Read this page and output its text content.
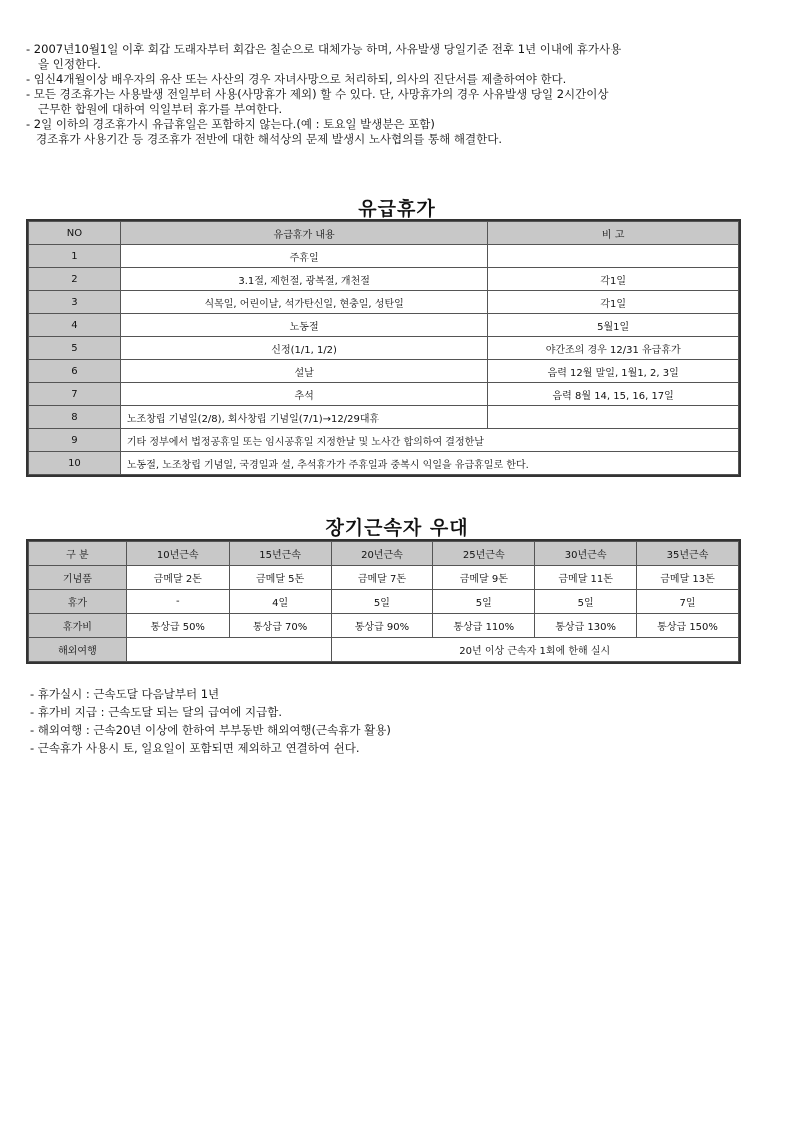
- 2007년10월1일 이후 회갑 도래자부터 회갑은 칠순으로 대체가능 하며, 사유발생 당일기준 전후 1년 이내에 휴가사용
을 인정한다.
- 임신4개월이상 배우자의 유산 또는 사산의 경우 자녀사망으로 처리하되, 의사의 진단서를 제출하여야 한다.
- 모든 경조휴가는 사용발생 전일부터 사용(사망휴가 제외) 할 수 있다. 단, 사망휴가의 경우 사유발생 당일 2시간이상
근무한 합원에 대하여 익일부터 휴가를 부여한다.
- 2일 이하의 경조휴가시 유급휴일은 포함하지 않는다.(예 : 토요일 발생분은 포함)
경조휴가 사용기간 등 경조휴가 전반에 대한 해석상의 문제 발생시 노사협의를 통해 해결한다.
유급휴가
NO	유급휴가 내용	비 고
1	주휴일	
2	3.1절, 제헌절, 광복절, 개천절	각1일
3	식목일, 어린이날, 석가탄신일, 현충일, 성탄일	각1일
4	노동절	5월1일
5	신정(1/1, 1/2)	야간조의 경우 12/31 유급휴가
6	설날	음력 12월 말일, 1월1, 2, 3일
7	추석	음력 8월 14, 15, 16, 17일
8	노조창립 기념일(2/8), 회사창립 기념일(7/1)→12/29대휴	
9	기타 정부에서 법정공휴일 또는 임시공휴일 지정한날 및 노사간 합의하여 결정한날	
10	노동절, 노조창립 기념일, 국경일과 설, 추석휴가가 주휴일과 중복시 익일을 유급휴일로 한다.	
장기근속자 우대
구 분	10년근속	15년근속	20년근속	25년근속	30년근속	35년근속
기념품	금메달 2돈	금메달 5돈	금메달 7돈	금메달 9돈	금메달 11돈	금메달 13돈
휴가	-	4일	5일	5일	5일	7일
휴가비	통상급 50%	통상급 70%	통상급 90%	통상급 110%	통상급 130%	통상급 150%
해외여행			20년 이상 근속자 1회에 한해 실시			
- 휴가실시 : 근속도달 다음날부터 1년
- 휴가비 지급 : 근속도달 되는 달의 급여에 지급함.
- 해외여행 : 근속20년 이상에 한하여 부부동반 해외여행(근속휴가 활용)
- 근속휴가 사용시 토, 일요일이 포함되면 제외하고 연결하여 쉰다.
